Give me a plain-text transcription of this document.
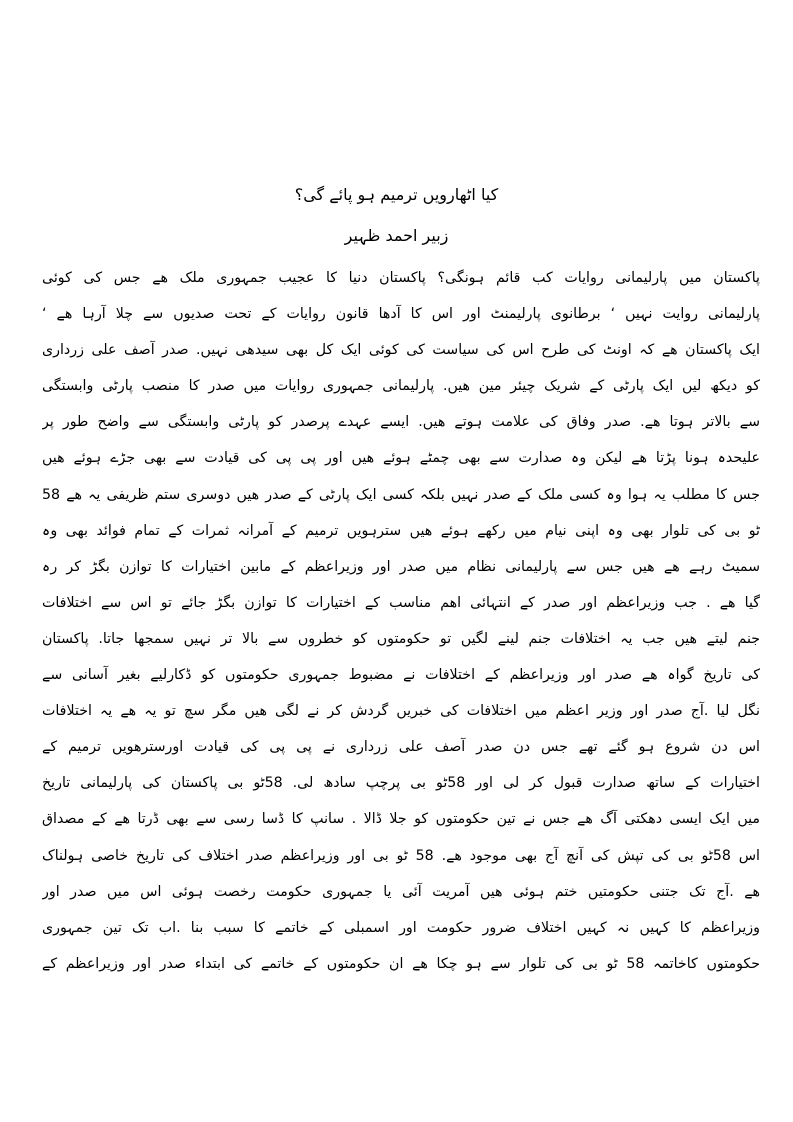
کیا اٹھارویں ترمیم ہو پائے گی؟
زبیر احمد ظہیر
پاکستان میں پارلیمانی روایات کب قائم ہونگی؟ پاکستان دنیا کا عجیب جمہوری ملک ھے جس کی کوئی
پارلیمانی روایت نہیں ‘ برطانوی پارلیمنٹ اور اس کا آدھا قانون روایات کے تحت صدیوں سے چلا آرہا ھے ‘
ایک پاکستان ھے کہ اونٹ کی طرح اس کی سیاست کی کوئی ایک کل بھی سیدھی نہیں. صدر آصف علی زرداری
کو دیکھ لیں ایک پارٹی کے شریک چیئر مین ھیں. پارلیمانی جمہوری روایات میں صدر کا منصب پارٹی وابستگی
سے بالاتر ہوتا ھے. صدر وفاق کی علامت ہوتے ھیں. ایسے عہدے پرصدر کو پارٹی وابستگی سے واضح طور پر
علیحدہ ہونا پڑتا ھے لیکن وہ صدارت سے بھی چمٹے ہوئے ھیں اور پی پی کی قیادت سے بھی جڑے ہوئے ھیں
جس کا مطلب یہ ہوا وہ کسی ملک کے صدر نہیں بلکہ کسی ایک پارٹی کے صدر ھیں دوسری ستم ظریفی یہ ھے 58
ٹو بی کی تلوار بھی وہ اپنی نیام میں رکھے ہوئے ھیں سترہویں ترمیم کے آمرانہ ثمرات کے تمام فوائد بھی وہ
سمیٹ رہے ھے ھیں جس سے پارلیمانی نظام میں صدر اور وزیراعظم کے مابین اختیارات کا توازن بگڑ کر رہ
گیا ھے . جب وزیراعظم اور صدر کے انتہائی اھم مناسب کے اختیارات کا توازن بگڑ جائے تو اس سے اختلافات
جنم لیتے ھیں جب یہ اختلافات جنم لینے لگیں تو حکومتوں کو خطروں سے بالا تر نہیں سمجھا جاتا. پاکستان
کی تاریخ گواہ ھے صدر اور وزیراعظم کے اختلافات نے مضبوط جمہوری حکومتوں کو ڈکارلیے بغیر آسانی سے
نگل لیا .آج صدر اور وزیر اعظم میں اختلافات کی خبریں گردش کر نے لگی ھیں مگر سچ تو یہ ھے یہ اختلافات
اس دن شروع ہو گئے تھے جس دن صدر آصف علی زرداری نے پی پی کی قیادت اورسترھویں ترمیم کے
اختیارات کے ساتھ صدارت قبول کر لی اور 58ٹو بی پرچپ سادھ لی. 58ٹو بی پاکستان کی پارلیمانی تاریخ
میں ایک ایسی دھکتی آگ ھے جس نے تین حکومتوں کو جلا ڈالا . سانپ کا ڈسا رسی سے بھی ڈرتا ھے کے مصداق
اس 58ٹو بی کی تپش کی آنچ آج بھی موجود ھے. 58 ٹو بی اور وزیراعظم صدر اختلاف کی تاریخ خاصی ہولناک
ھے .آج تک جتنی حکومتیں ختم ہوئی ھیں آمریت آئی یا جمہوری حکومت رخصت ہوئی اس میں صدر اور
وزیراعظم کا کہیں نہ کہیں اختلاف ضرور حکومت اور اسمبلی کے خاتمے کا سبب بنا .اب تک تین جمہوری
حکومتوں کاخاتمہ 58 ٹو بی کی تلوار سے ہو چکا ھے ان حکومتوں کے خاتمے کی ابتداء صدر اور وزیراعظم کے
